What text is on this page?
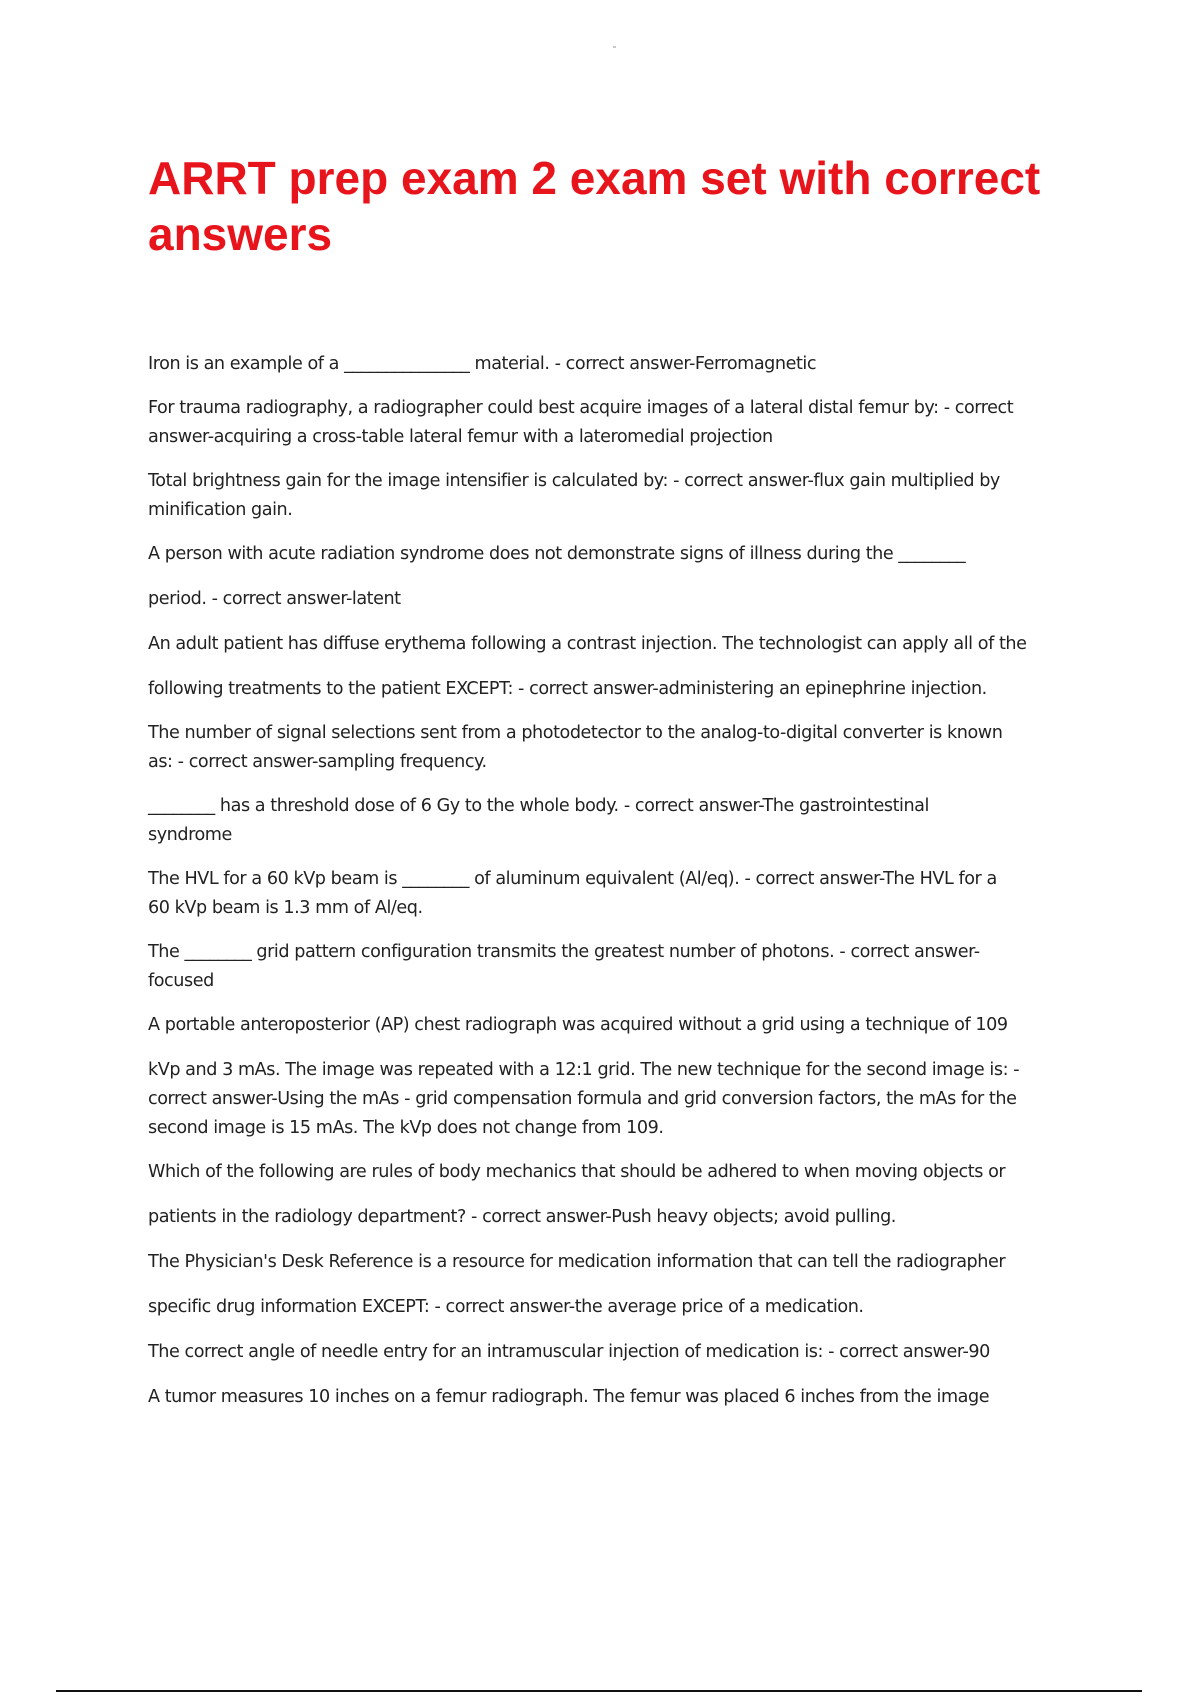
ARRT prep exam 2 exam set with correct
answers
Iron is an example of a _______________ material. - correct answer-Ferromagnetic
For trauma radiography, a radiographer could best acquire images of a lateral distal femur by: - correct
answer-acquiring a cross-table lateral femur with a lateromedial projection
Total brightness gain for the image intensifier is calculated by: - correct answer-flux gain multiplied by
minification gain.
A person with acute radiation syndrome does not demonstrate signs of illness during the ________
period. - correct answer-latent
An adult patient has diffuse erythema following a contrast injection. The technologist can apply all of the
following treatments to the patient EXCEPT: - correct answer-administering an epinephrine injection.
The number of signal selections sent from a photodetector to the analog-to-digital converter is known
as: - correct answer-sampling frequency.
________ has a threshold dose of 6 Gy to the whole body. - correct answer-The gastrointestinal
syndrome
The HVL for a 60 kVp beam is ________ of aluminum equivalent (Al/eq). - correct answer-The HVL for a
60 kVp beam is 1.3 mm of Al/eq.
The ________ grid pattern configuration transmits the greatest number of photons. - correct answer-
focused
A portable anteroposterior (AP) chest radiograph was acquired without a grid using a technique of 109
kVp and 3 mAs. The image was repeated with a 12:1 grid. The new technique for the second image is: -
correct answer-Using the mAs - grid compensation formula and grid conversion factors, the mAs for the
second image is 15 mAs. The kVp does not change from 109.
Which of the following are rules of body mechanics that should be adhered to when moving objects or
patients in the radiology department? - correct answer-Push heavy objects; avoid pulling.
The Physician's Desk Reference is a resource for medication information that can tell the radiographer
specific drug information EXCEPT: - correct answer-the average price of a medication.
The correct angle of needle entry for an intramuscular injection of medication is: - correct answer-90
A tumor measures 10 inches on a femur radiograph. The femur was placed 6 inches from the image
